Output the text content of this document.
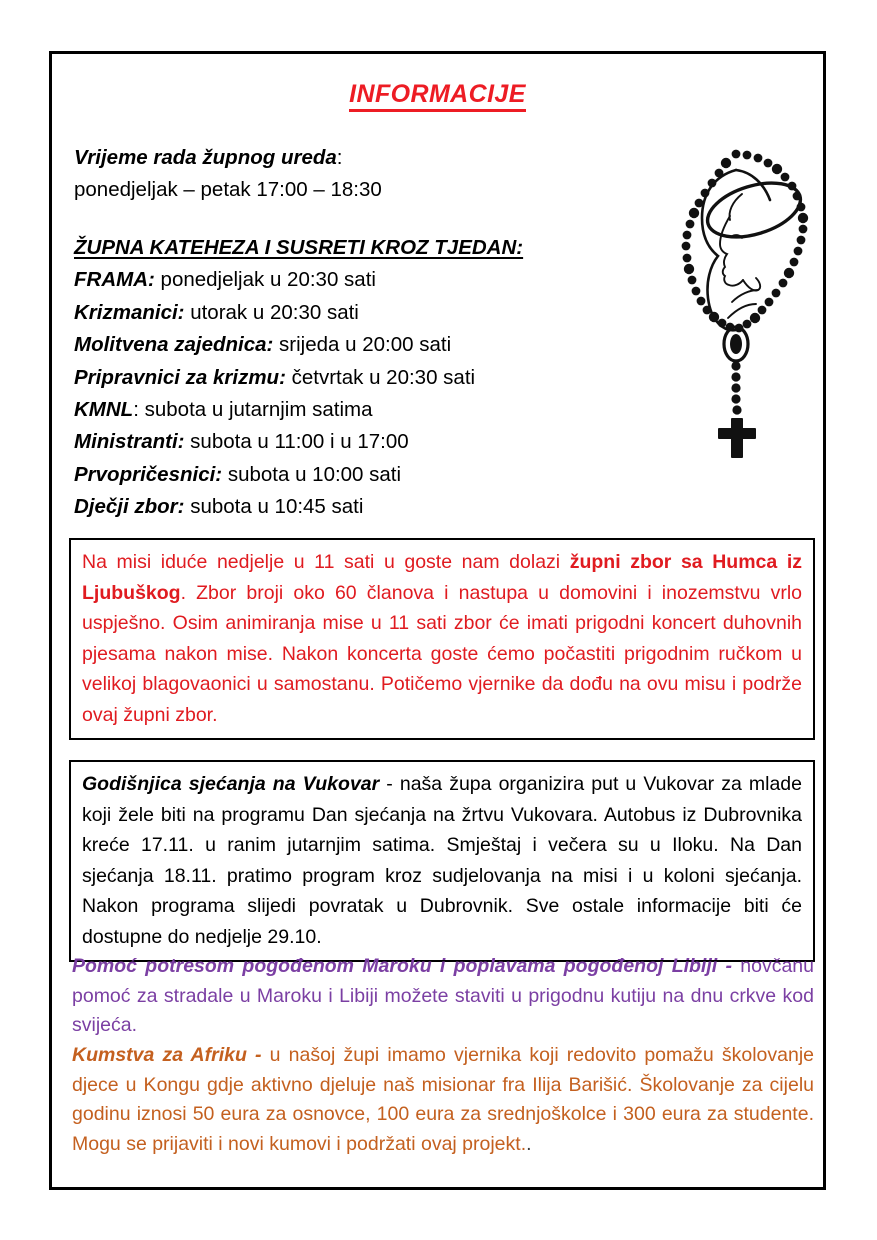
INFORMACIJE
Vrijeme rada župnog ureda:
ponedjeljak – petak 17:00 – 18:30
ŽUPNA KATEHEZA I SUSRETI KROZ TJEDAN:
FRAMA: ponedjeljak u 20:30 sati
Krizmanici: utorak u 20:30 sati
Molitvena zajednica: srijeda u 20:00 sati
Pripravnici za krizmu: četvrtak u 20:30 sati
KMNL: subota u jutarnjim satima
Ministranti: subota u 11:00 i u 17:00
Prvopričesnici: subota u 10:00 sati
Dječji zbor: subota u 10:45 sati
Na misi iduće nedjelje u 11 sati u goste nam dolazi župni zbor sa Humca iz Ljubuškog. Zbor broji oko 60 članova i nastupa u domovini i inozemstvu vrlo uspješno. Osim animiranja mise u 11 sati zbor će imati prigodni koncert duhovnih pjesama nakon mise. Nakon koncerta goste ćemo počastiti prigodnim ručkom u velikoj blagovaonici u samostanu. Potičemo vjernike da dođu na ovu misu i podrže ovaj župni zbor.
Godišnjica sjećanja na Vukovar - naša župa organizira put u Vukovar za mlade koji žele biti na programu Dan sjećanja na žrtvu Vukovara. Autobus iz Dubrovnika kreće 17.11. u ranim jutarnjim satima. Smještaj i večera su u Iloku. Na Dan sjećanja 18.11. pratimo program kroz sudjelovanja na misi i u koloni sjećanja. Nakon programa slijedi povratak u Dubrovnik. Sve ostale informacije biti će dostupne do nedjelje 29.10.
Pomoć potresom pogođenom Maroku i poplavama pogođenoj Libiji - novčanu pomoć za stradale u Maroku i Libiji možete staviti u prigodnu kutiju na dnu crkve kod svijeća.
Kumstva za Afriku - u našoj župi imamo vjernika koji redovito pomažu školovanje djece u Kongu gdje aktivno djeluje naš misionar fra Ilija Barišić. Školovanje za cijelu godinu iznosi 50 eura za osnovce, 100 eura za srednjoškolce i 300 eura za studente. Mogu se prijaviti i novi kumovi i podržati ovaj projekt..
